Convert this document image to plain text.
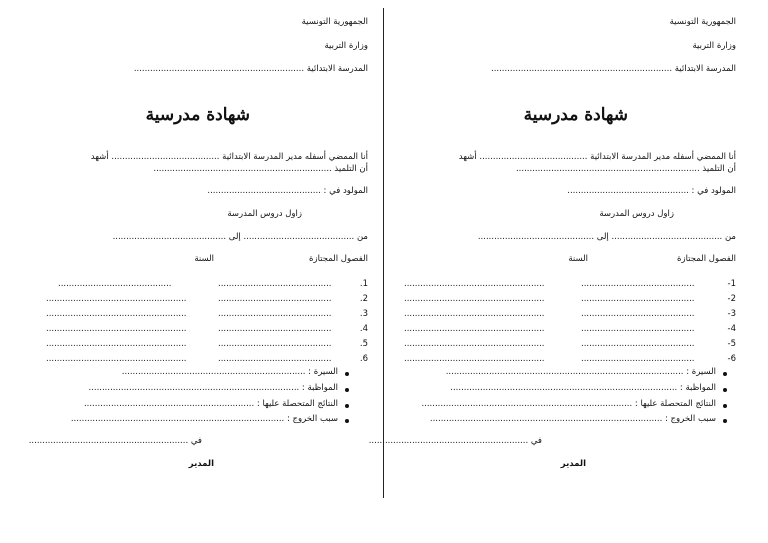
الجمهورية التونسية
وزارة التربية
المدرسة الابتدائية ...............................................................
شهادة مدرسية
أنا الممضي أسفله مدير المدرسة الابتدائية ........................................ أشهد
أن التلميذ ..................................................................
المولود في : ..........................................
زاول دروس المدرسة
من ......................................... إلى ..........................................
الفصول المجتازة
السنة
1.
2.
3.
4.
5.
6.
..........................................
..........................................
..........................................
..........................................
..........................................
..........................................
..........................................
....................................................
....................................................
....................................................
....................................................
....................................................
السيرة : ....................................................................
المواظبة : ..............................................................................
النتائج المتحصلة عليها : ...............................................................
سبب الخروج : ...............................................................................
في ...........................................................
المدير
الجمهورية التونسية
وزارة التربية
المدرسة الابتدائية ...................................................................
شهادة مدرسية
أنا الممضي أسفله مدير المدرسة الابتدائية ........................................ أشهد
أن التلميذ ....................................................................
المولود في : .............................................
زاول دروس المدرسة
من ......................................... إلى ...........................................
الفصول المجتازة
السنة
1-
2-
3-
4-
5-
6-
..........................................
..........................................
..........................................
..........................................
..........................................
..........................................
....................................................
....................................................
....................................................
....................................................
....................................................
....................................................
السيرة : ........................................................................................
المواظبة : ....................................................................................
النتائج المتحصلة عليها : ..............................................................................
سبب الخروج : ......................................................................................
في ...........................................................
المدير
